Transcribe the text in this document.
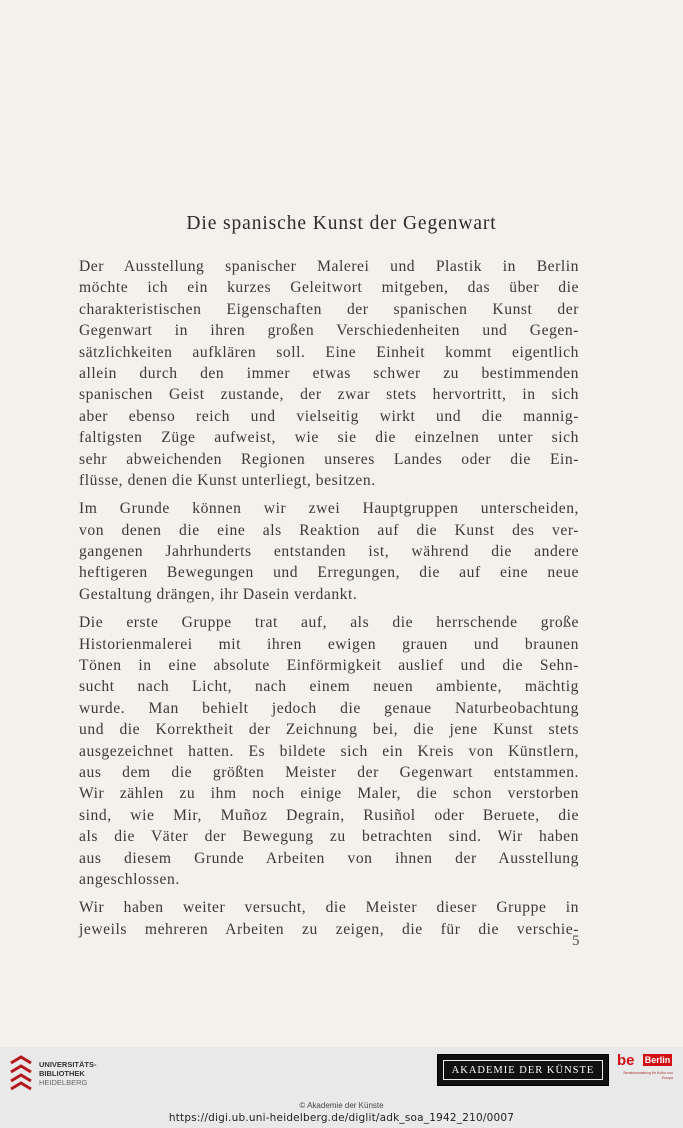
Die spanische Kunst der Gegenwart
Der Ausstellung spanischer Malerei und Plastik in Berlin
möchte ich ein kurzes Geleitwort mitgeben, das über die
charakteristischen Eigenschaften der spanischen Kunst der
Gegenwart in ihren großen Verschiedenheiten und Gegen-
sätzlichkeiten aufklären soll. Eine Einheit kommt eigentlich
allein durch den immer etwas schwer zu bestimmenden
spanischen Geist zustande, der zwar stets hervortritt, in sich
aber ebenso reich und vielseitig wirkt und die mannig-
faltigsten Züge aufweist, wie sie die einzelnen unter sich
sehr abweichenden Regionen unseres Landes oder die Ein-
flüsse, denen die Kunst unterliegt, besitzen.
Im Grunde können wir zwei Hauptgruppen unterscheiden,
von denen die eine als Reaktion auf die Kunst des ver-
gangenen Jahrhunderts entstanden ist, während die andere
heftigeren Bewegungen und Erregungen, die auf eine neue
Gestaltung drängen, ihr Dasein verdankt.
Die erste Gruppe trat auf, als die herrschende große
Historienmalerei mit ihren ewigen grauen und braunen
Tönen in eine absolute Einförmigkeit auslief und die Sehn-
sucht nach Licht, nach einem neuen ambiente, mächtig
wurde. Man behielt jedoch die genaue Naturbeobachtung
und die Korrektheit der Zeichnung bei, die jene Kunst stets
ausgezeichnet hatten. Es bildete sich ein Kreis von Künstlern,
aus dem die größten Meister der Gegenwart entstammen.
Wir zählen zu ihm noch einige Maler, die schon verstorben
sind, wie Mir, Muñoz Degrain, Rusiñol oder Beruete, die
als die Väter der Bewegung zu betrachten sind. Wir haben
aus diesem Grunde Arbeiten von ihnen der Ausstellung
angeschlossen.
Wir haben weiter versucht, die Meister dieser Gruppe in
jeweils mehreren Arbeiten zu zeigen, die für die verschie-
5
UNIVERSITÄTS-
BIBLIOTHEK
HEIDELBERG
AKADEMIE DER KÜNSTE
be Berlin
Senatsverwaltung für Kultur und Europa
© Akademie der Künste
https://digi.ub.uni-heidelberg.de/diglit/adk_soa_1942_210/0007
